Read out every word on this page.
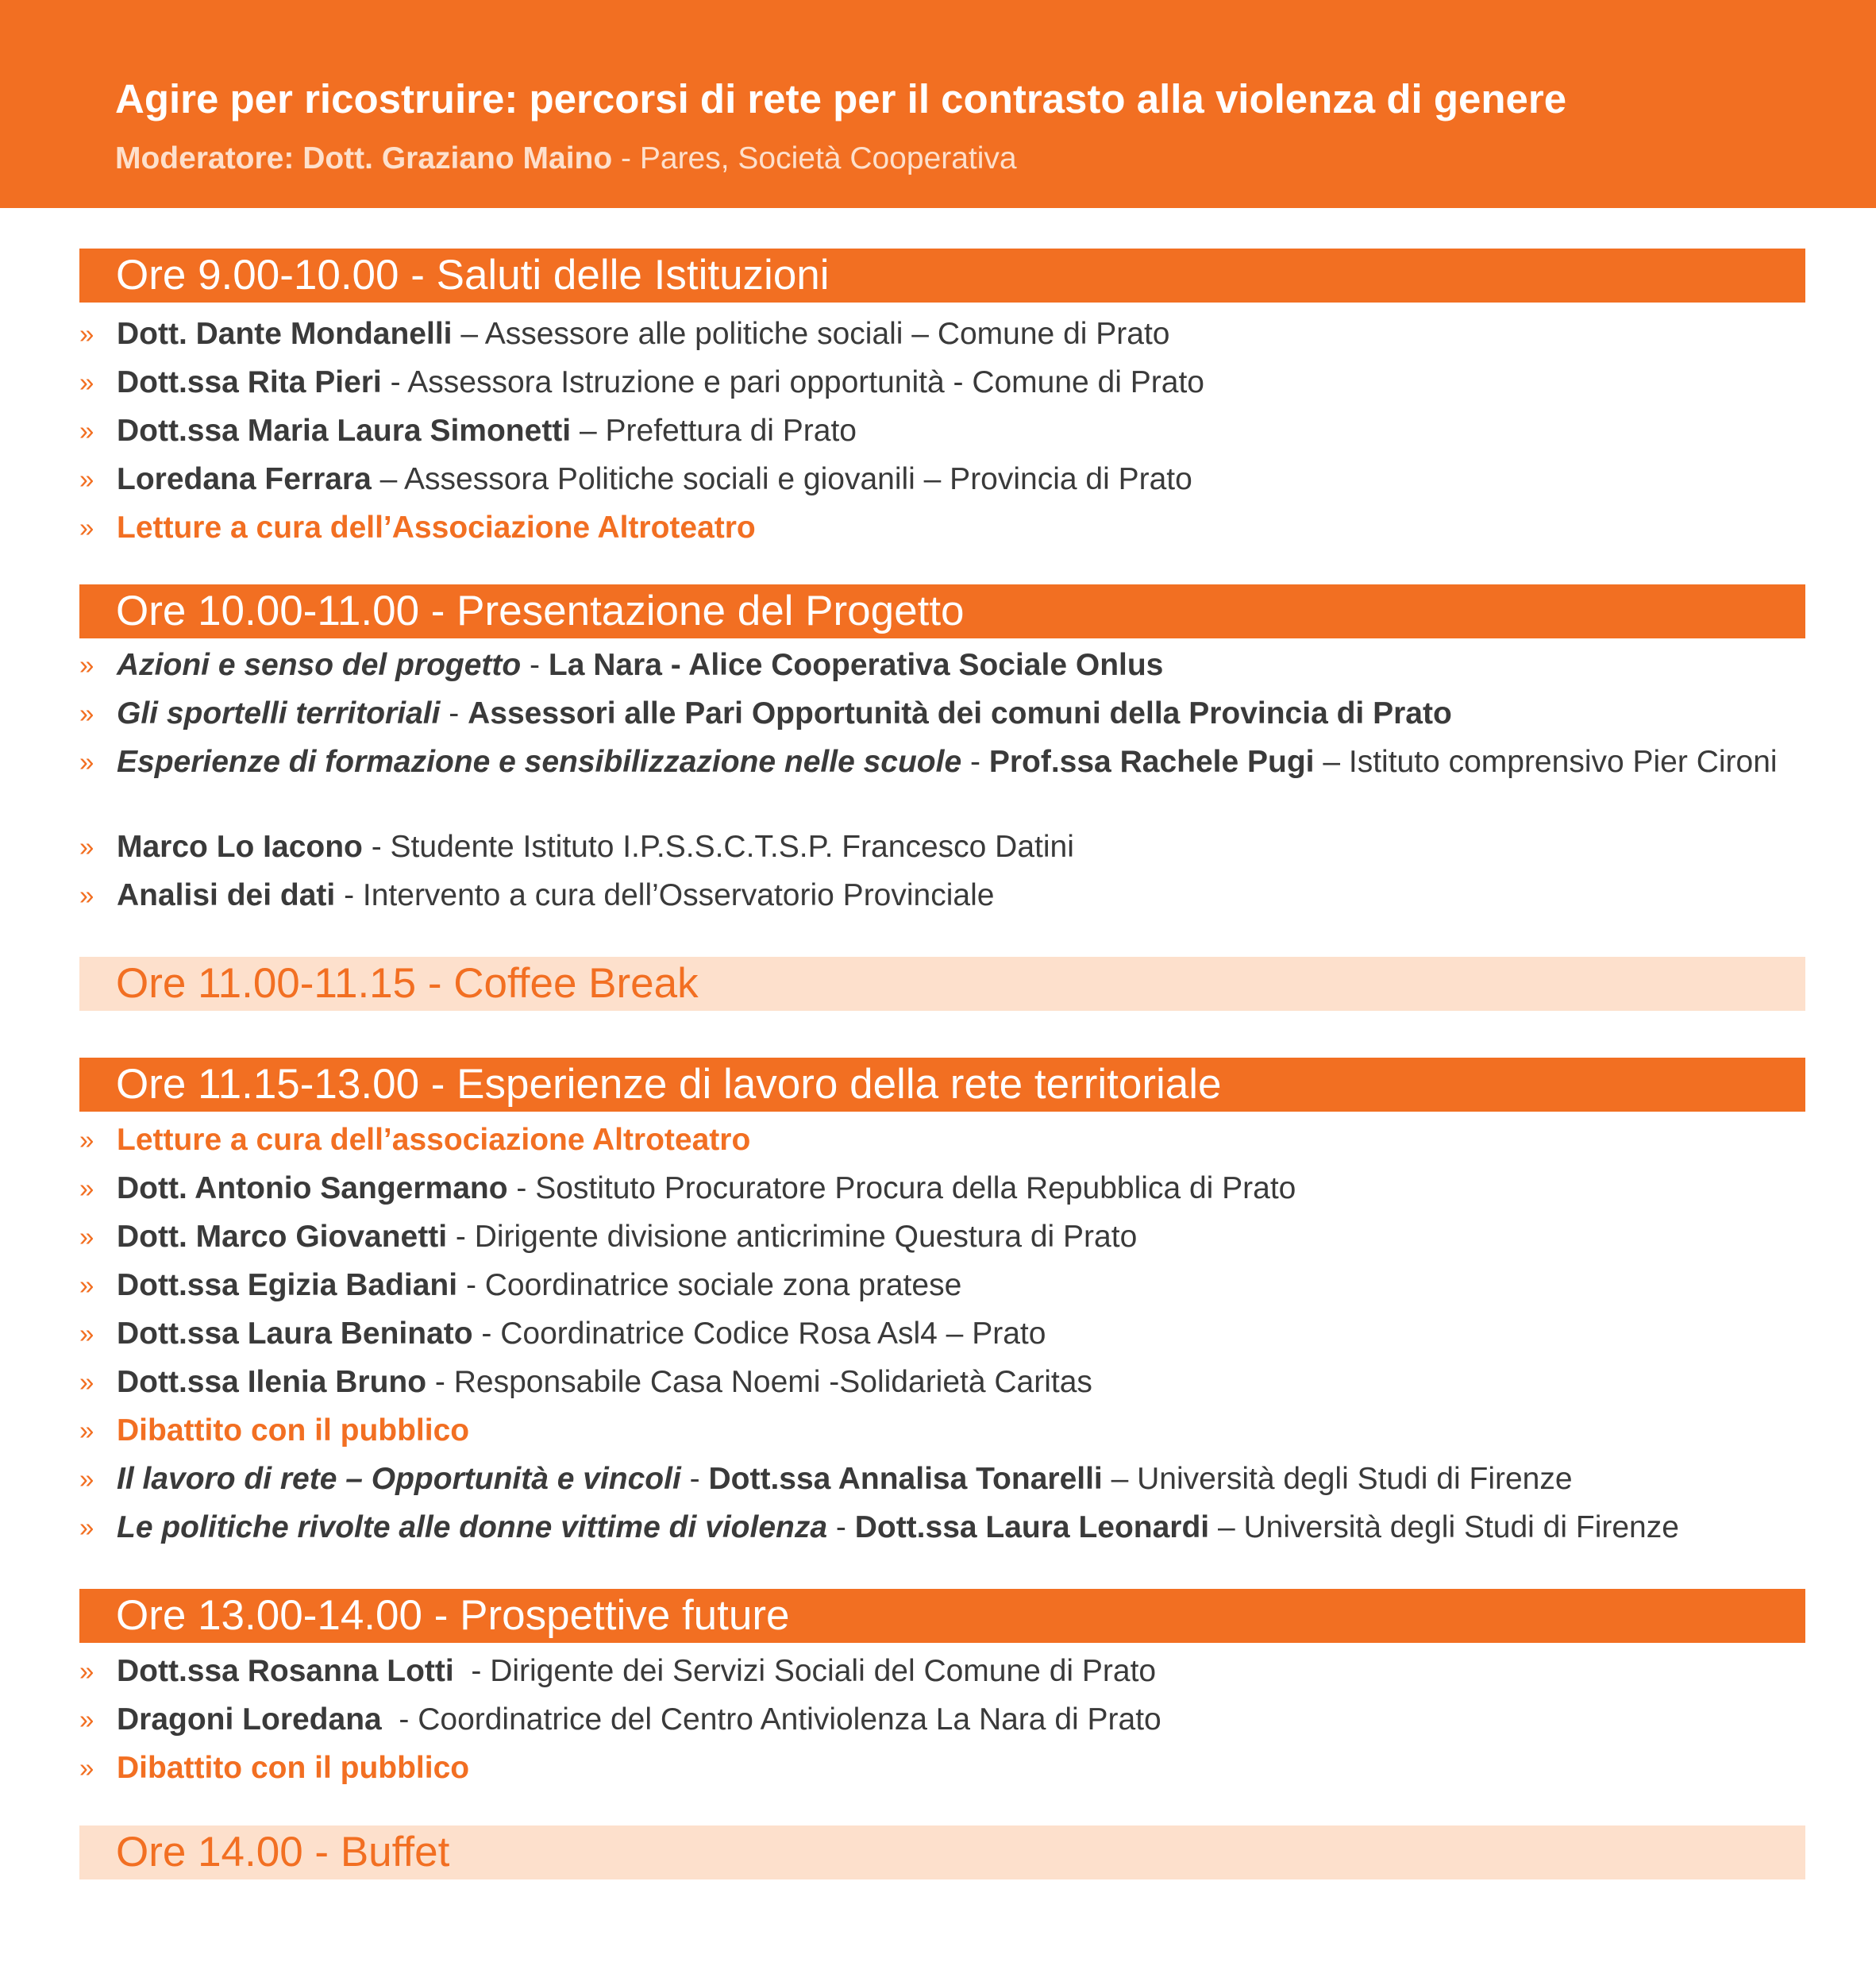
Agire per ricostruire: percorsi di rete per il contrasto alla violenza di genere
Moderatore: Dott. Graziano Maino - Pares, Società Cooperativa
Ore 9.00-10.00 - Saluti delle Istituzioni
» Dott. Dante Mondanelli – Assessore alle politiche sociali – Comune di Prato
» Dott.ssa Rita Pieri - Assessora Istruzione e pari opportunità - Comune di Prato
» Dott.ssa Maria Laura Simonetti – Prefettura di Prato
» Loredana Ferrara – Assessora Politiche sociali e giovanili – Provincia di Prato
» Letture a cura dell’Associazione Altroteatro
Ore 10.00-11.00 - Presentazione del Progetto
» Azioni e senso del progetto - La Nara - Alice Cooperativa Sociale Onlus
» Gli sportelli territoriali - Assessori alle Pari Opportunità dei comuni della Provincia di Prato
» Esperienze di formazione e sensibilizzazione nelle scuole - Prof.ssa Rachele Pugi – Istituto comprensivo Pier Cironi
» Marco Lo Iacono - Studente Istituto I.P.S.S.C.T.S.P. Francesco Datini
» Analisi dei dati - Intervento a cura dell’Osservatorio Provinciale
Ore 11.00-11.15 - Coffee Break
Ore 11.15-13.00 - Esperienze di lavoro della rete territoriale
» Letture a cura dell’associazione Altroteatro
» Dott. Antonio Sangermano - Sostituto Procuratore Procura della Repubblica di Prato
» Dott. Marco Giovanetti - Dirigente divisione anticrimine Questura di Prato
» Dott.ssa Egizia Badiani - Coordinatrice sociale zona pratese
» Dott.ssa Laura Beninato - Coordinatrice Codice Rosa Asl4 – Prato
» Dott.ssa Ilenia Bruno - Responsabile Casa Noemi -Solidarietà Caritas
» Dibattito con il pubblico
» Il lavoro di rete – Opportunità e vincoli - Dott.ssa Annalisa Tonarelli – Università degli Studi di Firenze
» Le politiche rivolte alle donne vittime di violenza - Dott.ssa Laura Leonardi – Università degli Studi di Firenze
Ore 13.00-14.00 - Prospettive future
» Dott.ssa Rosanna Lotti  - Dirigente dei Servizi Sociali del Comune di Prato
» Dragoni Loredana  - Coordinatrice del Centro Antiviolenza La Nara di Prato
» Dibattito con il pubblico
Ore 14.00 - Buffet
